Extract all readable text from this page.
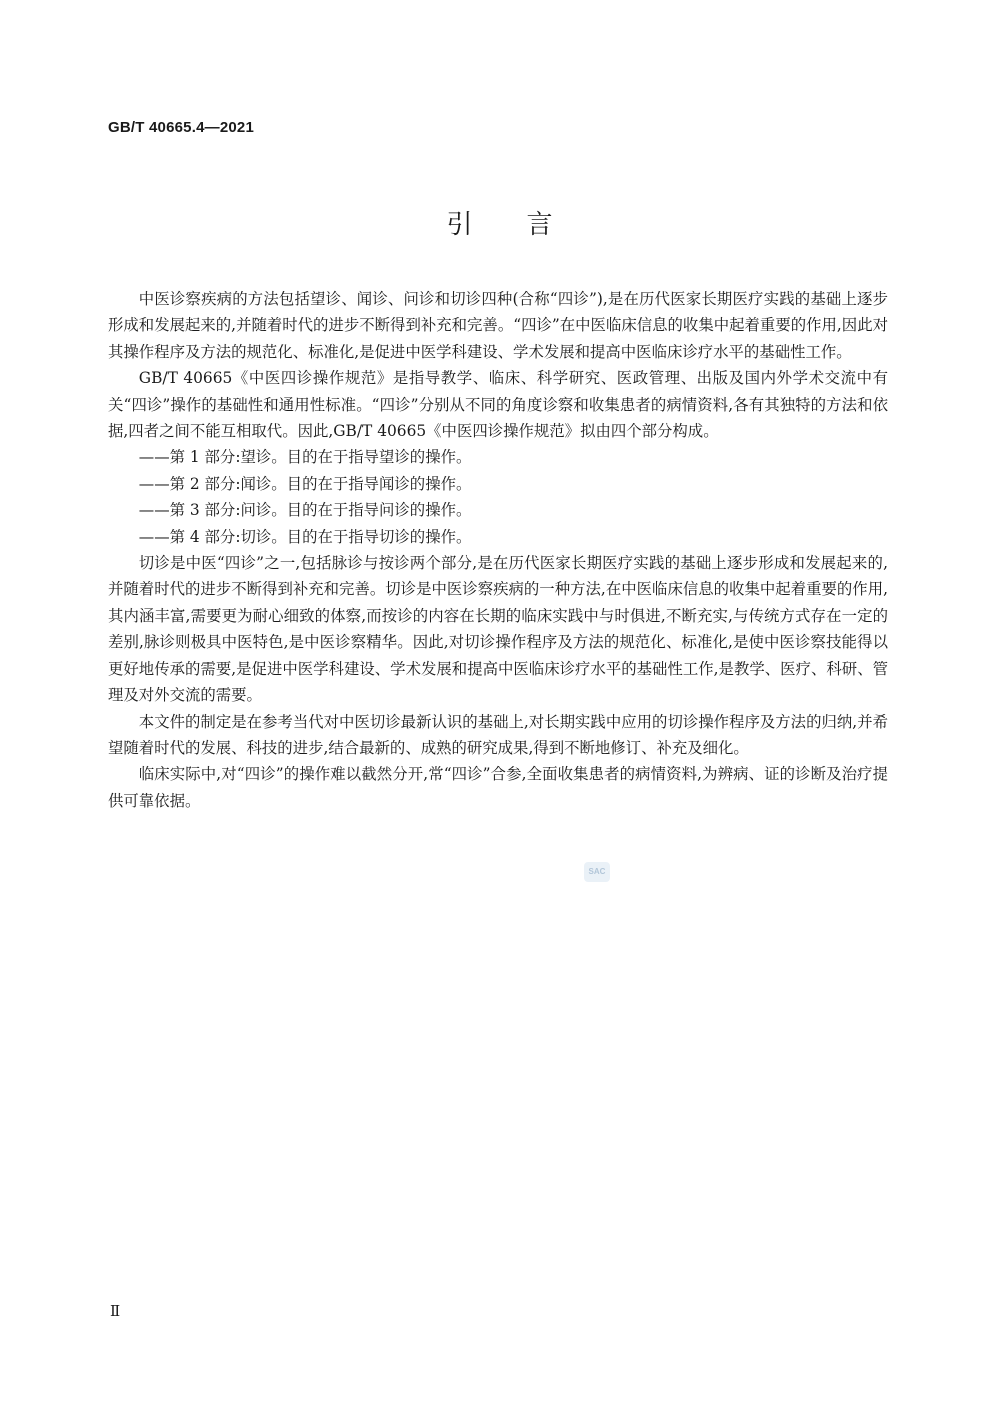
GB/T 40665.4—2021
引言

中医诊察疾病的方法包括望诊、闻诊、问诊和切诊四种(合称“四诊”),是在历代医家长期医疗实践的基础上逐步形成和发展起来的,并随着时代的进步不断得到补充和完善。“四诊”在中医临床信息的收集中起着重要的作用,因此对其操作程序及方法的规范化、标准化,是促进中医学科建设、学术发展和提高中医临床诊疗水平的基础性工作。

GB/T 40665《中医四诊操作规范》是指导教学、临床、科学研究、医政管理、出版及国内外学术交流中有关“四诊”操作的基础性和通用性标准。“四诊”分别从不同的角度诊察和收集患者的病情资料,各有其独特的方法和依据,四者之间不能互相取代。因此,GB/T 40665《中医四诊操作规范》拟由四个部分构成。

——第 1 部分:望诊。目的在于指导望诊的操作。

——第 2 部分:闻诊。目的在于指导闻诊的操作。

——第 3 部分:问诊。目的在于指导问诊的操作。

——第 4 部分:切诊。目的在于指导切诊的操作。

切诊是中医“四诊”之一,包括脉诊与按诊两个部分,是在历代医家长期医疗实践的基础上逐步形成和发展起来的,并随着时代的进步不断得到补充和完善。切诊是中医诊察疾病的一种方法,在中医临床信息的收集中起着重要的作用,其内涵丰富,需要更为耐心细致的体察,而按诊的内容在长期的临床实践中与时俱进,不断充实,与传统方式存在一定的差别,脉诊则极具中医特色,是中医诊察精华。因此,对切诊操作程序及方法的规范化、标准化,是使中医诊察技能得以更好地传承的需要,是促进中医学科建设、学术发展和提高中医临床诊疗水平的基础性工作,是教学、医疗、科研、管理及对外交流的需要。

本文件的制定是在参考当代对中医切诊最新认识的基础上,对长期实践中应用的切诊操作程序及方法的归纳,并希望随着时代的发展、科技的进步,结合最新的、成熟的研究成果,得到不断地修订、补充及细化。

临床实际中,对“四诊”的操作难以截然分开,常“四诊”合参,全面收集患者的病情资料,为辨病、证的诊断及治疗提供可靠依据。

SAC
Ⅱ
